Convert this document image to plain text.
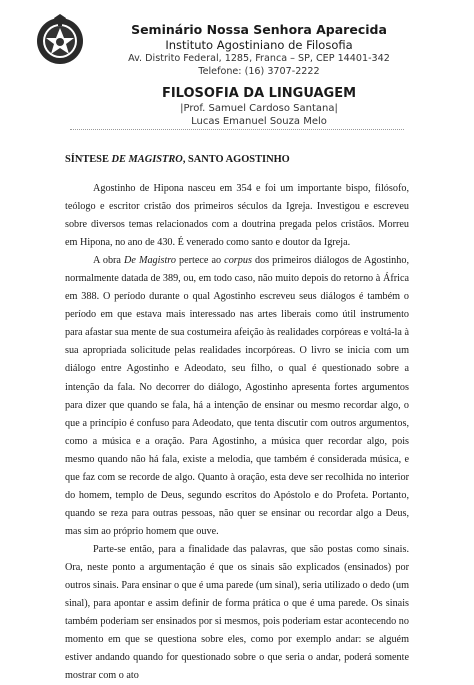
Seminário Nossa Senhora Aparecida
Instituto Agostiniano de Filosofia
Av. Distrito Federal, 1285, Franca – SP, CEP 14401-342
Telefone: (16) 3707-2222
FILOSOFIA DA LINGUAGEM
|Prof. Samuel Cardoso Santana|
Lucas Emanuel Souza Melo
SÍNTESE DE MAGISTRO, SANTO AGOSTINHO

Agostinho de Hipona nasceu em 354 e foi um importante bispo, filósofo, teólogo e escritor cristão dos primeiros séculos da Igreja. Investigou e escreveu sobre diversos temas relacionados com a doutrina pregada pelos cristãos. Morreu em Hipona, no ano de 430. É venerado como santo e doutor da Igreja.

A obra De Magistro pertece ao corpus dos primeiros diálogos de Agostinho, normalmente datada de 389, ou, em todo caso, não muito depois do retorno à África em 388. O período durante o qual Agostinho escreveu seus diálogos é também o período em que estava mais interessado nas artes liberais como útil instrumento para afastar sua mente de sua costumeira afeição às realidades corpóreas e voltá-la à sua apropriada solicitude pelas realidades incorpóreas. O livro se inicia com um diálogo entre Agostinho e Adeodato, seu filho, o qual é questionado sobre a intenção da fala. No decorrer do diálogo, Agostinho apresenta fortes argumentos para dizer que quando se fala, há a intenção de ensinar ou mesmo recordar algo, o que a princípio é confuso para Adeodato, que tenta discutir com outros argumentos, como a música e a oração. Para Agostinho, a música quer recordar algo, pois mesmo quando não há fala, existe a melodia, que também é considerada música, e que faz com se recorde de algo. Quanto à oração, esta deve ser recolhida no interior do homem, templo de Deus, segundo escritos do Apóstolo e do Profeta. Portanto, quando se reza para outras pessoas, não quer se ensinar ou recordar algo a Deus, mas sim ao próprio homem que ouve.

Parte-se então, para a finalidade das palavras, que são postas como sinais. Ora, neste ponto a argumentação é que os sinais são explicados (ensinados) por outros sinais. Para ensinar o que é uma parede (um sinal), seria utilizado o dedo (um sinal), para apontar e assim definir de forma prática o que é uma parede. Os sinais também poderiam ser ensinados por si mesmos, pois poderiam estar acontecendo no momento em que se questiona sobre eles, como por exemplo andar: se alguém estiver andando quando for questionado sobre o que seria o andar, poderá somente mostrar com o ato
